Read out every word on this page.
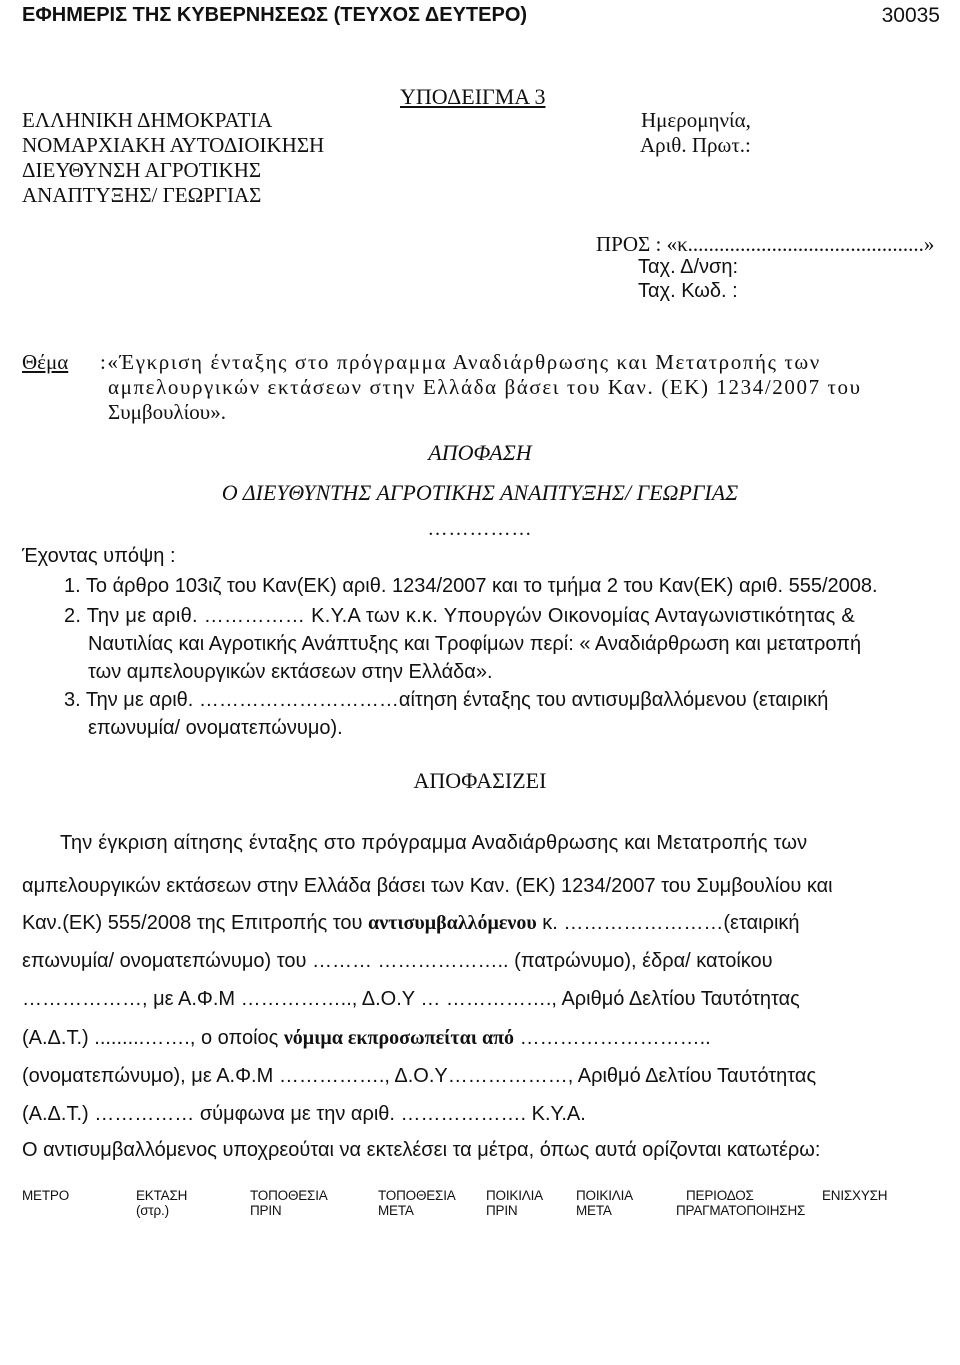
ΕΦΗΜΕΡΙΣ ΤΗΣ ΚΥΒΕΡΝΗΣΕΩΣ (ΤΕΥΧΟΣ ΔΕΥΤΕΡΟ)	30035
ΥΠΟΔΕΙΓΜΑ 3
ΕΛΛΗΝΙΚΗ ΔΗΜΟΚΡΑΤΙΑ
ΝΟΜΑΡΧΙΑΚΗ ΑΥΤΟΔΙΟΙΚΗΣΗ
ΔΙΕΥΘΥΝΣΗ ΑΓΡΟΤΙΚΗΣ
ΑΝΑΠΤΥΞΗΣ/ ΓΕΩΡΓΙΑΣ
Ημερομηνία,
Αριθ. Πρωτ.:
ΠΡΟΣ : «κ.............................................»
Ταχ. Δ/νση:
Ταχ. Κωδ. :
Θέμα :«Έγκριση ένταξης στο πρόγραμμα Αναδιάρθρωσης και Μετατροπής των
αμπελουργικών εκτάσεων στην Ελλάδα βάσει του Καν. (ΕΚ) 1234/2007 του
Συμβουλίου».
ΑΠΟΦΑΣΗ
Ο ΔΙΕΥΘΥΝΤΗΣ ΑΓΡΟΤΙΚΗΣ ΑΝΑΠΤΥΞΗΣ/ ΓΕΩΡΓΙΑΣ
……………
Έχοντας υπόψη :
1. Το άρθρο 103ιζ του Καν(ΕΚ) αριθ. 1234/2007 και το τμήμα 2 του Καν(ΕΚ) αριθ. 555/2008.
2. Την με αριθ. …………… Κ.Υ.Α των κ.κ. Υπουργών Οικονομίας Ανταγωνιστικότητας &
Ναυτιλίας και Αγροτικής Ανάπτυξης και Τροφίμων περί: « Αναδιάρθρωση και μετατροπή
των αμπελουργικών εκτάσεων στην Ελλάδα».
3. Την με αριθ. …………………………αίτηση ένταξης του αντισυμβαλλόμενου (εταιρική
επωνυμία/ ονοματεπώνυμο).
ΑΠΟΦΑΣΙΖΕΙ
Την έγκριση αίτησης ένταξης στο πρόγραμμα Αναδιάρθρωσης και Μετατροπής των
αμπελουργικών εκτάσεων στην Ελλάδα βάσει των Καν. (ΕΚ) 1234/2007 του Συμβουλίου και
Καν.(ΕΚ) 555/2008 της Επιτροπής του αντισυμβαλλόμενου κ. ……………………(εταιρική
επωνυμία/ ονοματεπώνυμο) του ……… ……………….. (πατρώνυμο), έδρα/ κατοίκου
………………, με Α.Φ.Μ …………….., Δ.Ο.Υ … ……………., Αριθμό Δελτίου Ταυτότητας
(Α.Δ.Τ.) .........……., ο οποίος νόμιμα εκπροσωπείται από ………………………..
(ονοματεπώνυμο), με Α.Φ.Μ ……………., Δ.Ο.Υ………………, Αριθμό Δελτίου Ταυτότητας
(Α.Δ.Τ.) …………… σύμφωνα με την αριθ. ………………. Κ.Υ.Α.
Ο αντισυμβαλλόμενος υποχρεούται να εκτελέσει τα μέτρα, όπως αυτά ορίζονται κατωτέρω:
ΜΕΤΡΟ	ΕΚΤΑΣΗ
(στρ.)
ΤΟΠΟΘΕΣΙΑ
ΠΡΙΝ
ΤΟΠΟΘΕΣΙΑ
ΜΕΤΑ
ΠΟΙΚΙΛΙΑ
ΠΡΙΝ
ΠΟΙΚΙΛΙΑ
ΜΕΤΑ
ΠΕΡΙΟΔΟΣ
ΠΡΑΓΜΑΤΟΠΟΙΗΣΗΣ
ΕΝΙΣΧΥΣΗ
